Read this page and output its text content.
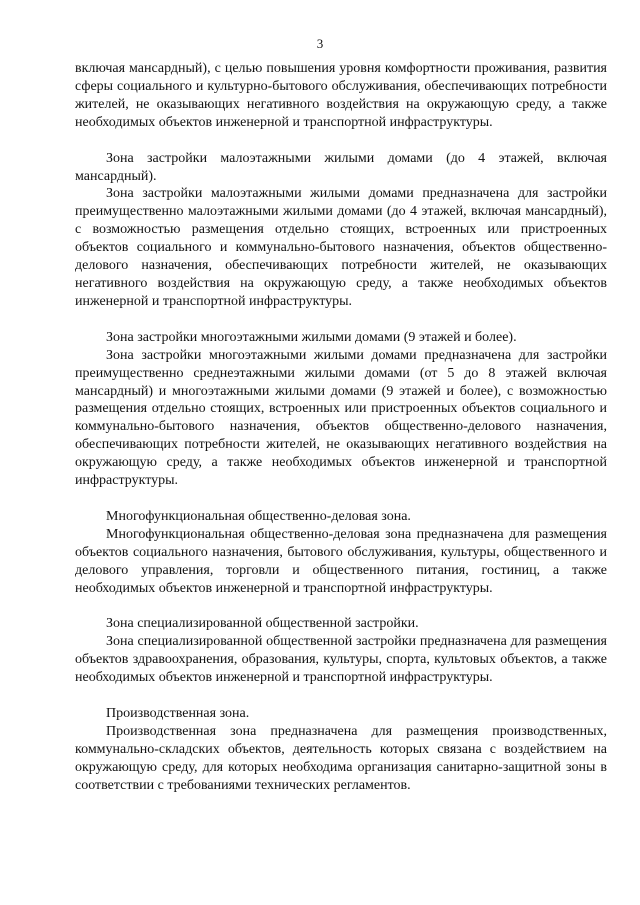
3

включая мансардный), с целью повышения уровня комфортности проживания, развития сферы социального и культурно-бытового обслуживания, обеспечивающих потребности жителей, не оказывающих негативного воздействия на окружающую среду, а также необходимых объектов инженерной и транспортной инфраструктуры.

Зона застройки малоэтажными жилыми домами (до 4 этажей, включая мансардный).

Зона застройки малоэтажными жилыми домами предназначена для застройки преимущественно малоэтажными жилыми домами (до 4 этажей, включая мансардный), с возможностью размещения отдельно стоящих, встроенных или пристроенных объектов социального и коммунально-бытового назначения, объектов общественно-делового назначения, обеспечивающих потребности жителей, не оказывающих негативного воздействия на окружающую среду, а также необходимых объектов инженерной и транспортной инфраструктуры.

Зона застройки многоэтажными жилыми домами (9 этажей и более).

Зона застройки многоэтажными жилыми домами предназначена для застройки преимущественно среднеэтажными жилыми домами (от 5 до 8 этажей включая мансардный) и многоэтажными жилыми домами (9 этажей и более), с возможностью размещения отдельно стоящих, встроенных или пристроенных объектов социального и коммунально-бытового назначения, объектов общественно-делового назначения, обеспечивающих потребности жителей, не оказывающих негативного воздействия на окружающую среду, а также необходимых объектов инженерной и транспортной инфраструктуры.

Многофункциональная общественно-деловая зона.

Многофункциональная общественно-деловая зона предназначена для размещения объектов социального назначения, бытового обслуживания, культуры, общественного и делового управления, торговли и общественного питания, гостиниц, а также необходимых объектов инженерной и транспортной инфраструктуры.

Зона специализированной общественной застройки.

Зона специализированной общественной застройки предназначена для размещения объектов здравоохранения, образования, культуры, спорта, культовых объектов, а также необходимых объектов инженерной и транспортной инфраструктуры.

Производственная зона.

Производственная зона предназначена для размещения производственных, коммунально-складских объектов, деятельность которых связана с воздействием на окружающую среду, для которых необходима организация санитарно-защитной зоны в соответствии с требованиями технических регламентов.
